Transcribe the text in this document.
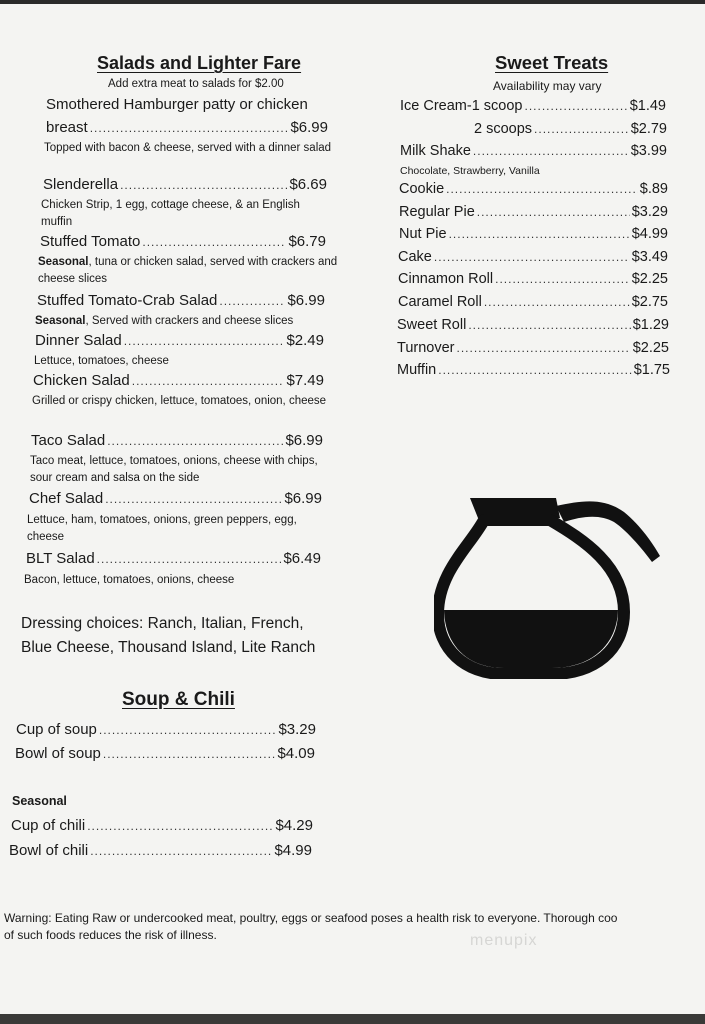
Salads and Lighter Fare
Add extra meat to salads for $2.00
Smothered Hamburger patty or chicken
breast .....	$6.99
Topped with bacon & cheese, served with a dinner salad
Slenderella .....	$6.69
Chicken Strip, 1 egg, cottage cheese, & an English muffin
Stuffed Tomato .....	$6.79
Seasonal, tuna or chicken salad, served with crackers and cheese slices
Stuffed Tomato-Crab Salad .....	$6.99
Seasonal, Served with crackers and cheese slices
Dinner Salad .....	$2.49
Lettuce, tomatoes, cheese
Chicken Salad .....	$7.49
Grilled or crispy chicken, lettuce, tomatoes, onion, cheese
Taco Salad .....	$6.99
Taco meat, lettuce, tomatoes, onions, cheese with chips, sour cream and salsa on the side
Chef Salad .....	$6.99
Lettuce, ham, tomatoes, onions, green peppers, egg, cheese
BLT Salad .....	$6.49
Bacon, lettuce, tomatoes, onions, cheese
Dressing choices: Ranch, Italian, French, Blue Cheese, Thousand Island, Lite Ranch
Soup & Chili
Cup of soup .....	$3.29
Bowl of soup .....	$4.09
Seasonal
Cup of chili .....	$4.29
Bowl of chili .....	$4.99
Sweet Treats
Availability may vary
Ice Cream-1 scoop .....	$1.49
2 scoops .....	$2.79
Milk Shake .....	$3.99
Chocolate, Strawberry, Vanilla
Cookie .....	$.89
Regular Pie .....	$3.29
Nut Pie .....	$4.99
Cake .....	$3.49
Cinnamon Roll .....	$2.25
Caramel Roll .....	$2.75
Sweet Roll .....	$1.29
Turnover .....	$2.25
Muffin .....	$1.75
Warning: Eating Raw or undercooked meat, poultry, eggs or seafood poses a health risk to everyone. Thorough coo
of such foods reduces the risk of illness.	menupix
